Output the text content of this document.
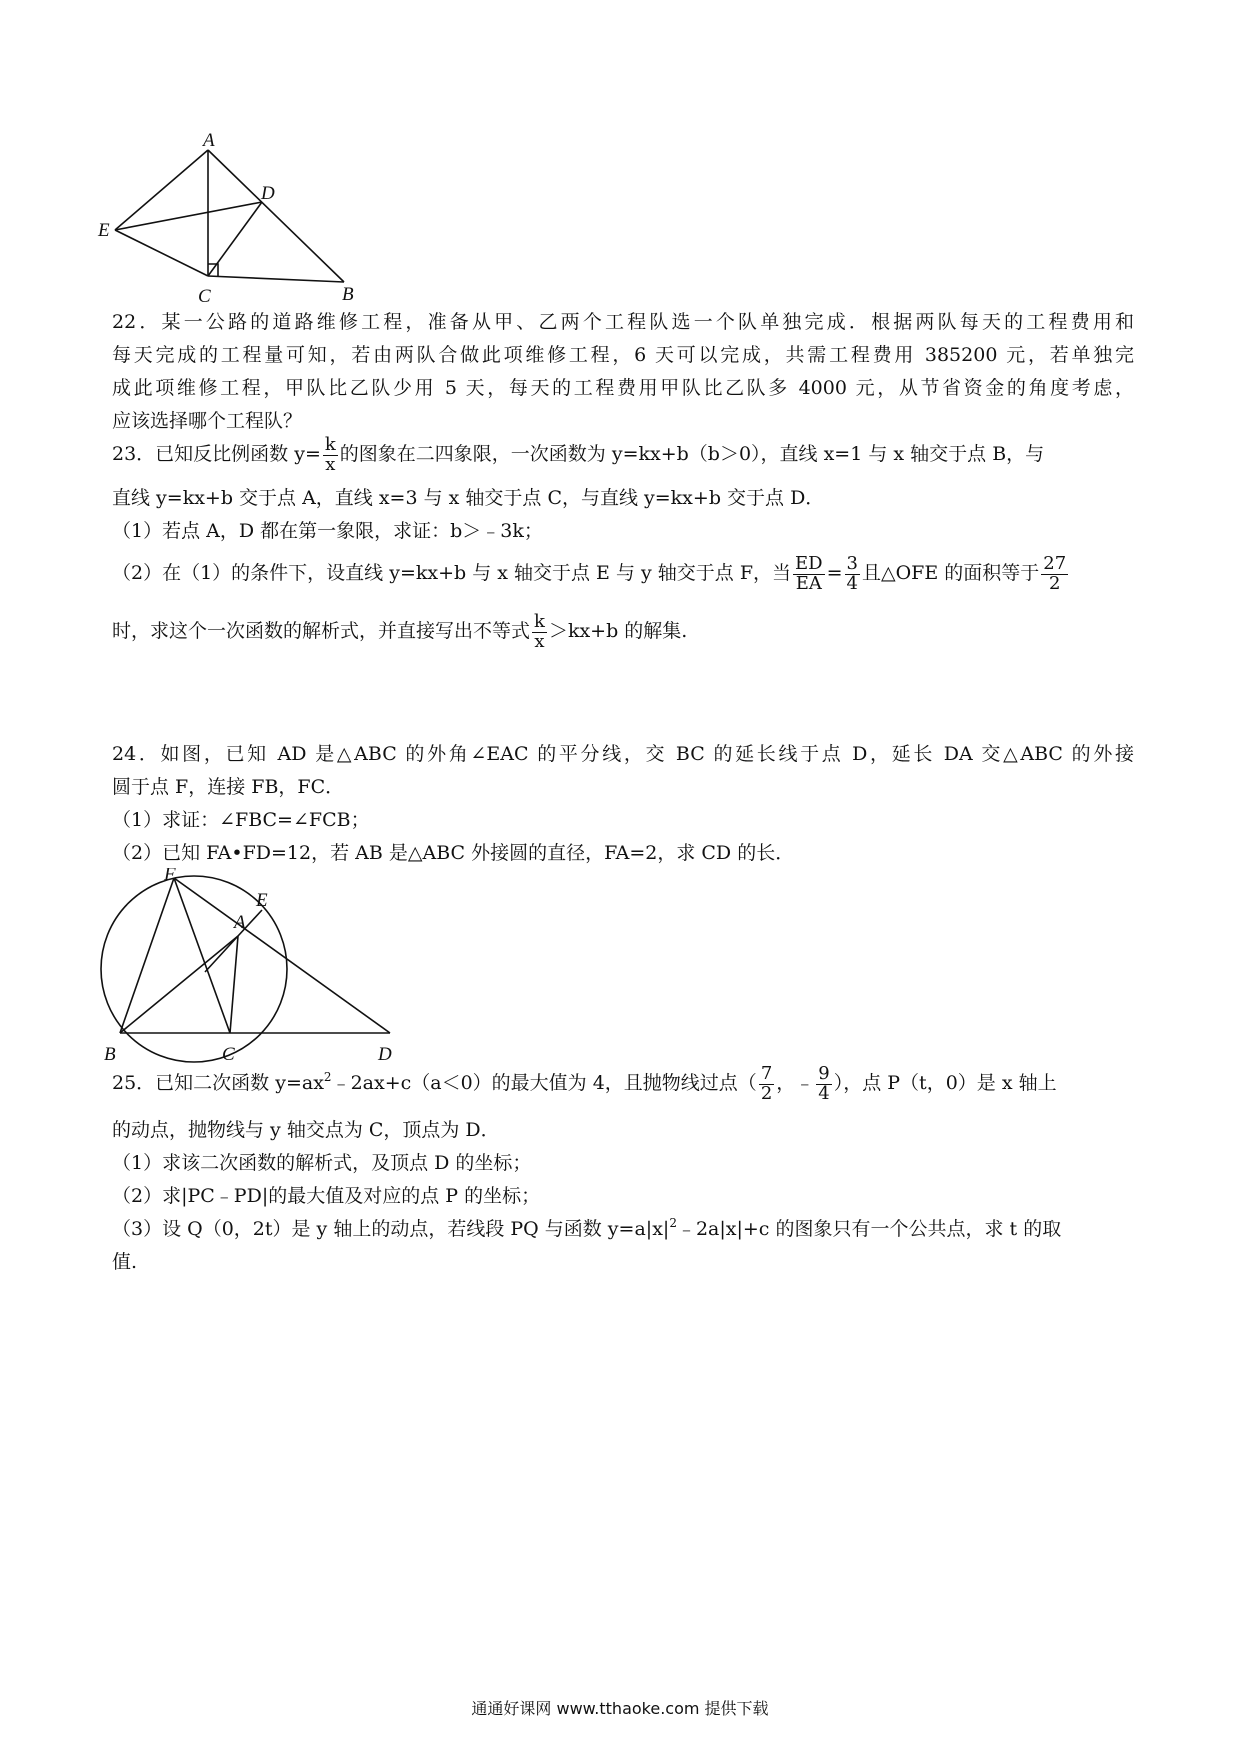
A
D
E
C	B
22．某一公路的道路维修工程，准备从甲、乙两个工程队选一个队单独完成．根据两队每天的工程费用和
每天完成的工程量可知，若由两队合做此项维修工程，6 天可以完成，共需工程费用 385200 元，若单独完
成此项维修工程，甲队比乙队少用 5 天，每天的工程费用甲队比乙队多 4000 元，从节省资金的角度考虑，
应该选择哪个工程队？
23．已知反比例函数 $y= \frac{k}{x}$ 的图象在二四象限，一次函数为 y=kx+b（b＞0），直线 x=1 与 x 轴交于点 B，与
直线 y=kx+b 交于点 A，直线 x=3 与 x 轴交于点 C，与直线 y=kx+b 交于点 D．
（1）若点 A，D 都在第一象限，求证：b＞﹣3k；
（2）在（1）的条件下，设直线 y=kx+b 与 x 轴交于点 E 与 y 轴交于点 F，当 $\frac{ED}{EA} = \frac{3}{4}$ 且△OFE 的面积等于 $\frac{27}{2}$
时，求这个一次函数的解析式，并直接写出不等式 $\frac{k}{x} >kx+b$ 的解集.
24．如图，已知 AD 是△ABC 的外角∠EAC 的平分线，交 BC 的延长线于点 D，延长 DA 交△ABC 的外接
圆于点 F，连接 FB，FC．
（1）求证：∠FBC=∠FCB；
（2）已知 FA•FD=12，若 AB 是△ABC 外接圆的直径，FA=2，求 CD 的长．
F
A
E
B	C	D
25．已知二次函数 $y=ax^2﹣2ax+c(a<0)$的最大值为 4，且抛物线过点（ $\frac{7}{2}$ ，﹣ $\frac{9}{4}$ ），点 P（t，0）是 x 轴上
的动点，抛物线与 y 轴交点为 C，顶点为 D．
（1）求该二次函数的解析式，及顶点 D 的坐标；
（2）求|PC﹣PD|的最大值及对应的点 P 的坐标；
（3）设 Q（0，2t）是 y 轴上的动点，若线段 PQ 与函数 $y=a|x|^2﹣2a|x|+c$ 的图象只有一个公共点，求 t 的取
值.
通通好课网 www.tthaoke.com 提供下载
